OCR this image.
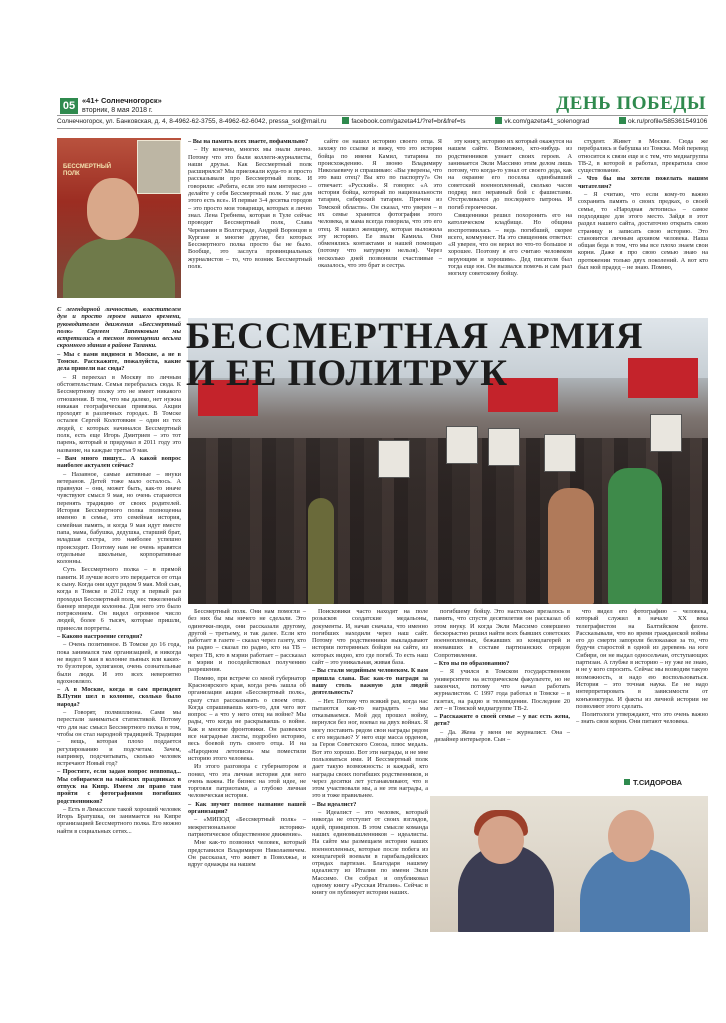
05 «41+ Солнечногорск»
вторник, 8 мая 2018 г.	ДЕНЬ ПОБЕДЫ
Солнечногорск, ул. Банковская, д. 4, 8-4962-62-3755, 8-4962-62-6042, pressa_sol@mail.ru	facebook.com/gazeta41/?ref=br&fref=ts	vk.com/gazeta41_solenograd	ok.ru/profile/585361549106
БЕССМЕРТНЫЙ ПОЛК

С легендарной личностью, властителем дум и просто героем нашего времени, руководителем движения «Бессмертный полк» Сергеем Лапенковым мы встретились в тесном помещении весьма скромного здания в районе Таганки.

– Мы с вами видимся в Москве, а не в Томске. Расскажите, пожалуйста, какие дела привели вас сюда?

– Я переехал в Москву по личным обстоятельствам. Семья перебралась сюда. К Бессмертному полку это не имеет никакого отношения. В том, что мы далеко, нет нужна никакая географическая привязка. Акции проходят в различных городах. В Томске осталея Сергей Колотовкин – один из тех людей, с которых начинался Бессмертный полк, есть еще Игорь Дмитриев – это тот парень, который и придумал в 2011 году это название, на каждые третья 9 мая.

– Вам много пишут... А какой вопрос наиболее актуален сейчас?

– Назавное, самые активные – внуки ветеранов. Детей тоже мало осталось. А правнуки – они, может быть, как-то иначе чувствуют смысл 9 мая, но очень стараются перенять традицию от своих родителей. История Бессмертного полка полноценна именно в семье, это семейная история, семейная память, и когда 9 мая идут вместе папа, мама, бабушка, дедушка, старший брат, младшая сестра, это наиболее успешно происходит. Поэтому нам не очень нравятся отдельные школьные, корпоративные колонны.

Суть Бессмертного полка – в прямой памяти. И лучше всего это передается от отца к сыну. Когда они идут рядом 9 мая. Мой сын, когда в Томске в 2012 году в первый раз проходил Бессмертный полк, нес тяжеленный баннер впереди колонны. Для него это было потрясением. Он видел огромное число людей, более 6 тысяч, которые пришли, принесли портреты.

– Каково настроение сегодня?

– Очень позитивное. В Томске до 16 года, пока занимался там организацией, я никогда не видел 9 мая в колонне пьяных или каких-то бузотеров, хулиганов, очень сознательные были люди. И это всех невероятно вдохновляло.

– А в Москве, когда и сам президент В.Путин шел в колонне, сколько было народа?

– Говорят, полмиллиона. Сами мы перестали заниматься статистикой. Потому что для нас смысл Бессмертного полка в том, чтобы он стал народной традицией. Традиция – вещь, которая плохо поддается регулированию и подсчетам. Зачем, например, подсчитывать, сколько человек встречают Новый год?

– Простите, если задам вопрос невпопад... Мы собираемся на майских праздниках в отпуск на Кипр. Имеем ли право там пройти с фотографиями погибших родственников?

– Есть в Лимассоле такой хороший человек Игорь Братушка, он занимается на Кипре организацией Бессмертного полка. Его можно найти в социальных сетях...

– Вы на память всех знаете, пофамильно?

– Ну конечно, многих мы знали лично. Потому что это были коллеги-журналисты, наши друзья. Как Бессмертный полк расширялся? Мы приезжали куда-то и просто рассказывали про Бессмертный полк. И говорили: «Ребята, если это вам интересно – делайте у себя Бессмертный полк. У вас для этого есть все». И первые 3-4 десятка городов – это просто мои товарищи, которых я лично знал. Лена Гребнева, которая в Туле сейчас проводит Бессмертный полк, Слава Черепанин в Волгограде, Андрей Воронцов в Кургане и многие другие, без которых Бессмертного полка просто бы не было. Вообще, это заслуга провинциальных журналистов – то, что возник Бессмертный полк.

сайте он нашел историю своего отца. Я захожу по ссылке и вижу, что это история бойца по имени Камил, татарина по происхождению. Я звоню Владимиру Николаевичу и спрашиваю: «Вы уверены, что это ваш отец? Вы кто по паспорту?» Он отвечает: «Русский». Я говорю: «А это история бойца, который по национальности татарин, сибирский татарин. Причем из Томской области». Он сказал, что уверен – в их семье хранится фотография этого человека, и мама всегда говорила, что это его отец. Я нашел женщину, которая выложила эту историю. Ее звали Камила. Они обменялись контактами и нашей помощью (потому что натурмую нельзя). Через несколько дней позвонили счастливые – оказалось, что это брат и сестра.

эту книгу, историю их который окажутся на нашем сайте. Возможно, кто-нибудь из родственников узнает своих героев. А занимается Экли Массимо этим делом лишь потому, что когда-то узнал от своего деда, как на окраине его поселка одинбывший советский военнопленный, сколько часов подряд вел неравный бой с фашистами. Отстреливался до последнего патрона. И погиб героически.

Священники решил похоронить его на католическом кладбище. Но община воспротивилась – ведь погибший, скорее всего, коммунист. На это священник ответил: «Я уверен, что он верил во что-то большое и хорошее. Поэтому я его считаю человеком верующим и хорошим». Дед писателя был тогда еще юн. Он вызвался помочь и сам рыл могилу советскому бойцу.

студент. Живет в Москве. Сюда же перебрались и бабушка из Томска. Мой перевод относится к связи еще и с тем, что медиагруппа ТВ-2, в которой я работал, прекратила свое существование.

– Что бы вы хотели пожелать нашим читателям?

– Я считаю, что если кому-то важно сохранить память о своих предках, о своей семье, то «Народная летопись» – самое подходящее для этого место. Зайдя в этот раздел нашего сайта, достаточно открыть свою страницу и записать свою историю. Это становится личным архивом человека. Наша общая беда в том, что мы все плохо знаем свои корни. Даже я про свою семью знаю на протяжении только двух поколений. А вот кто был мой прадед – не знаю. Помню,

БЕССМЕРТНАЯ АРМИЯ
И ЕЕ ПОЛИТРУК

Бессмертный полк. Они нам помогли – без них бы мы ничего не сделали. Это одиночки-люди, они рассказали другому, другой – третьему, и так далее. Если кто работает в газете – сказал через газету, кто на радио – сказал по радио, кто на ТВ – через ТВ, кто в мэрии работает – рассказал в мэрии и посодействовал получению разрешения.

Помню, при встрече со мной губернатор Красноярского края, когда речь зашла об организации акции «Бессмертный полк», сразу стал рассказывать о своем отце. Когда спрашиваешь кого-то, для чего вот вопрос – а что у него отец на войне? Мы рады, что когда не раскрываешь о войне. Как и многие фронтовики. Он развеялся все наградные листы, подробно историю, весь боевой путь своего отца. И на «Народном летописи» мы поместили историю этого человека.

Из этого разговора с губернатором я понял, что эта личная история для него очень важна. Не бизнес на этой идее, не торговля патриотами, а глубоко личная человеческая история.

– Как звучит полное название вашей организации?

– «МИПОД «Бессмертный полк» – межрегиональное историко-патриотическое общественное движение».

Мне как-то позвонил человек, который представился Владимиром Николаевичем. Он рассказал, что живет в Поволжье, и вдруг однажды на нашем

Поисковики часто находят на поле розысков солдатские медальоны, документы. И, начав сначала, что именно погибших находили через наш сайт. Потому что родственники выкладывают истории потерянных бойцов на сайте, из которых видно, кто где погиб. То есть наш сайт – это уникальная, живая база.

– Вы стали медийным человеком. К вам пришла слава. Вас как-то награди за вашу столь важную для людей деятельность?

– Нет. Потому что всякий раз, когда нас пытаются как-то наградить – мы отказываемся. Мой дед прошел войну, вернулся без ног, воевал на двух войнах. Я могу поставить рядом свои награды рядом с его медалью? У него еще масса орденов, за Героя Советского Союза, плюс медаль. Вот это хорошо. Вот эти награды, и не мне пользоваться ими. И Бессмертный полк дает такую возможность: и каждый, кто награды своих погибших родственников, и через десятки лет устанавливают, что в этом участвовали мы, а не эти награды, а это и тоже правильнее.

– Вы идеалист?

– Идеалист – это человек, который никогда не отступит от своих взглядов, идей, принципов. В этом смысле команда наших единомышленников – идеалисты. На сайте мы размещаем истории наших военнопленных, которые после побега из концлагерей воевали в гарибальдийских отрядах партизан. Благодаря нашему идеалисту из Италии по имени Экли Массимо. Он собрал и опубликовал одному книгу «Русская Италия». Сейчас в книгу он публикует истории наших.

погибшему бойцу. Это настолько врезалось в память, что спустя десятилетия он рассказал об этом внуку. И когда Экли Массимо совершено бескорыстно решил найти всех бывших советских военнопленных, бежавших из концлагерей и воевавших в составе партизанских отрядов Сопротивления.

– Кто вы по образованию?

– Я учился в Томском государственном университете на историческом факультете, но не закончил, потому что начал работать журналистом. С 1997 года работал в Томске – в газетах, на радио и телевидении. Последние 20 лет – в Томской медиагруппе ТВ-2.

– Расскажите о своей семье – у вас есть жена, дети?

– Да. Жена у меня не журналист. Она – дизайнер интерьеров. Сын –

что видел его фотографию – человека, который служил в начале XX века телеграфистом на Балтийском флоте. Рассказывали, что во время гражданской войны его до смерти запороли белоказаки за то, что будучи старостой в одной из деревень на юге Сибири, он не выдал односельчан, отступающих партизан. А глубже в историю – ну уже не знаю, и не у кого спросить. Сейчас мы возводим такую возможность, и надо ею воспользоваться. История – это точная наука. Ее не надо интерпретировать в зависимости от конъюнктуры. И факты из личной истории не позволяют этого сделать.

Политологи утверждают, что это очень важно – знать свои корни. Они питают человека.

Т.СИДОРОВА
